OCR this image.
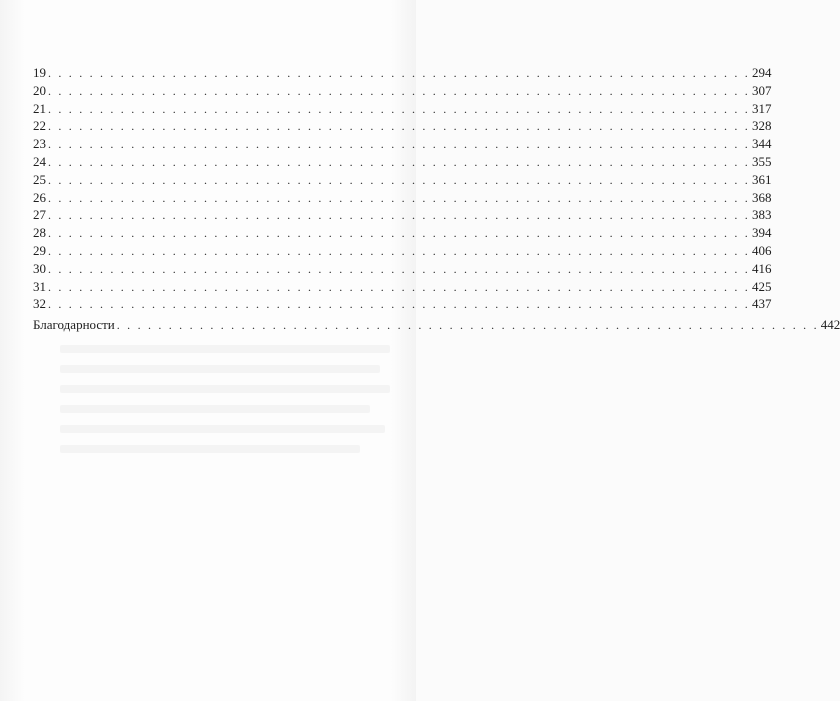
19 . . . . . . . . . . . . . . . . . . . . . . . . . . . . . . . . . . . . . . . . . . . . . . . . . . . . . . . . . . . . . . . . . . . . 294
20 . . . . . . . . . . . . . . . . . . . . . . . . . . . . . . . . . . . . . . . . . . . . . . . . . . . . . . . . . . . . . . . . . . . . 307
21 . . . . . . . . . . . . . . . . . . . . . . . . . . . . . . . . . . . . . . . . . . . . . . . . . . . . . . . . . . . . . . . . . . . . 317
22 . . . . . . . . . . . . . . . . . . . . . . . . . . . . . . . . . . . . . . . . . . . . . . . . . . . . . . . . . . . . . . . . . . . . 328
23 . . . . . . . . . . . . . . . . . . . . . . . . . . . . . . . . . . . . . . . . . . . . . . . . . . . . . . . . . . . . . . . . . . . . 344
24 . . . . . . . . . . . . . . . . . . . . . . . . . . . . . . . . . . . . . . . . . . . . . . . . . . . . . . . . . . . . . . . . . . . . 355
25 . . . . . . . . . . . . . . . . . . . . . . . . . . . . . . . . . . . . . . . . . . . . . . . . . . . . . . . . . . . . . . . . . . . . 361
26 . . . . . . . . . . . . . . . . . . . . . . . . . . . . . . . . . . . . . . . . . . . . . . . . . . . . . . . . . . . . . . . . . . . . 368
27 . . . . . . . . . . . . . . . . . . . . . . . . . . . . . . . . . . . . . . . . . . . . . . . . . . . . . . . . . . . . . . . . . . . . 383
28 . . . . . . . . . . . . . . . . . . . . . . . . . . . . . . . . . . . . . . . . . . . . . . . . . . . . . . . . . . . . . . . . . . . . 394
29 . . . . . . . . . . . . . . . . . . . . . . . . . . . . . . . . . . . . . . . . . . . . . . . . . . . . . . . . . . . . . . . . . . . . 406
30 . . . . . . . . . . . . . . . . . . . . . . . . . . . . . . . . . . . . . . . . . . . . . . . . . . . . . . . . . . . . . . . . . . . . 416
31 . . . . . . . . . . . . . . . . . . . . . . . . . . . . . . . . . . . . . . . . . . . . . . . . . . . . . . . . . . . . . . . . . . . . 425
32 . . . . . . . . . . . . . . . . . . . . . . . . . . . . . . . . . . . . . . . . . . . . . . . . . . . . . . . . . . . . . . . . . . . . 437
Благодарности . . . . . . . . . . . . . . . . . . . . . . . . . . . . . . . . . . . . . . . . . . . . . . . . . . . . . . . . . . . . . . . . . . . . 442
